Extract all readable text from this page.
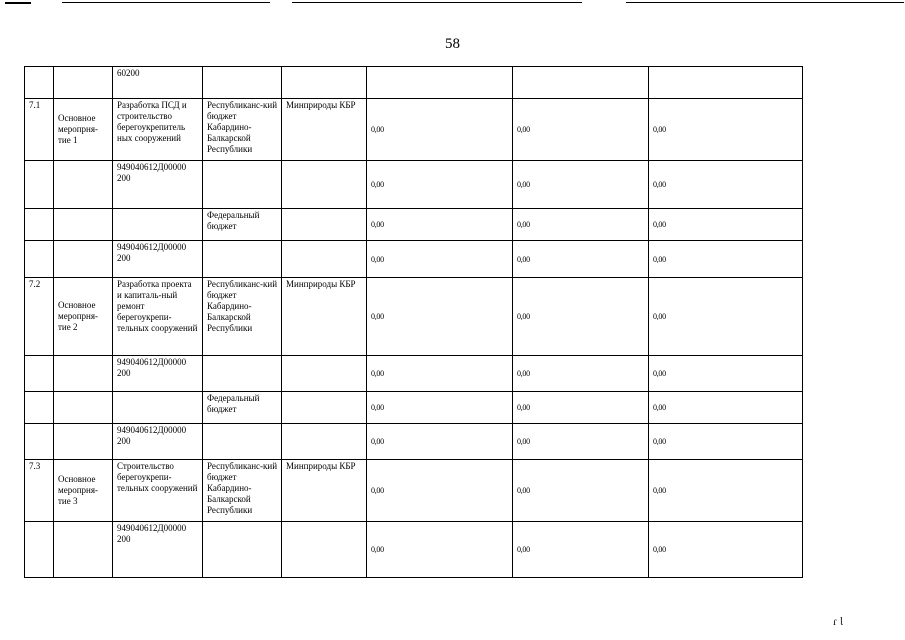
58
		60200					
7.1	Основное меропрня-тие 1	Разработка ПСД и строительство берегоукрепитель ных сооружений	Республиканс-кий бюджет Кабардино-Балкарской Республики	Минприроды КБР	0,00	0,00	0,00
		949040612Д00000 200			0,00	0,00	0,00
			Федеральный бюджет		0,00	0,00	0,00
		949040612Д00000 200			0,00	0,00	0,00
7.2	Основное меропрня-тие 2	Разработка проекта и капиталь-ный ремонт берегоукрепи-тельных сооружений	Республиканс-кий бюджет Кабардино-Балкарской Республики	Минприроды КБР	0,00	0,00	0,00
		949040612Д00000 200			0,00	0,00	0,00
			Федеральный бюджет		0,00	0,00	0,00
		949040612Д00000 200			0,00	0,00	0,00
7.3	Основное меропрня-тие 3	Строительство берегоукрепи-тельных сооружений	Республиканс-кий бюджет Кабардино-Балкарской Республики	Минприроды КБР	0,00	0,00	0,00
		949040612Д00000 200			0,00	0,00	0,00
ɾ Ɩ
